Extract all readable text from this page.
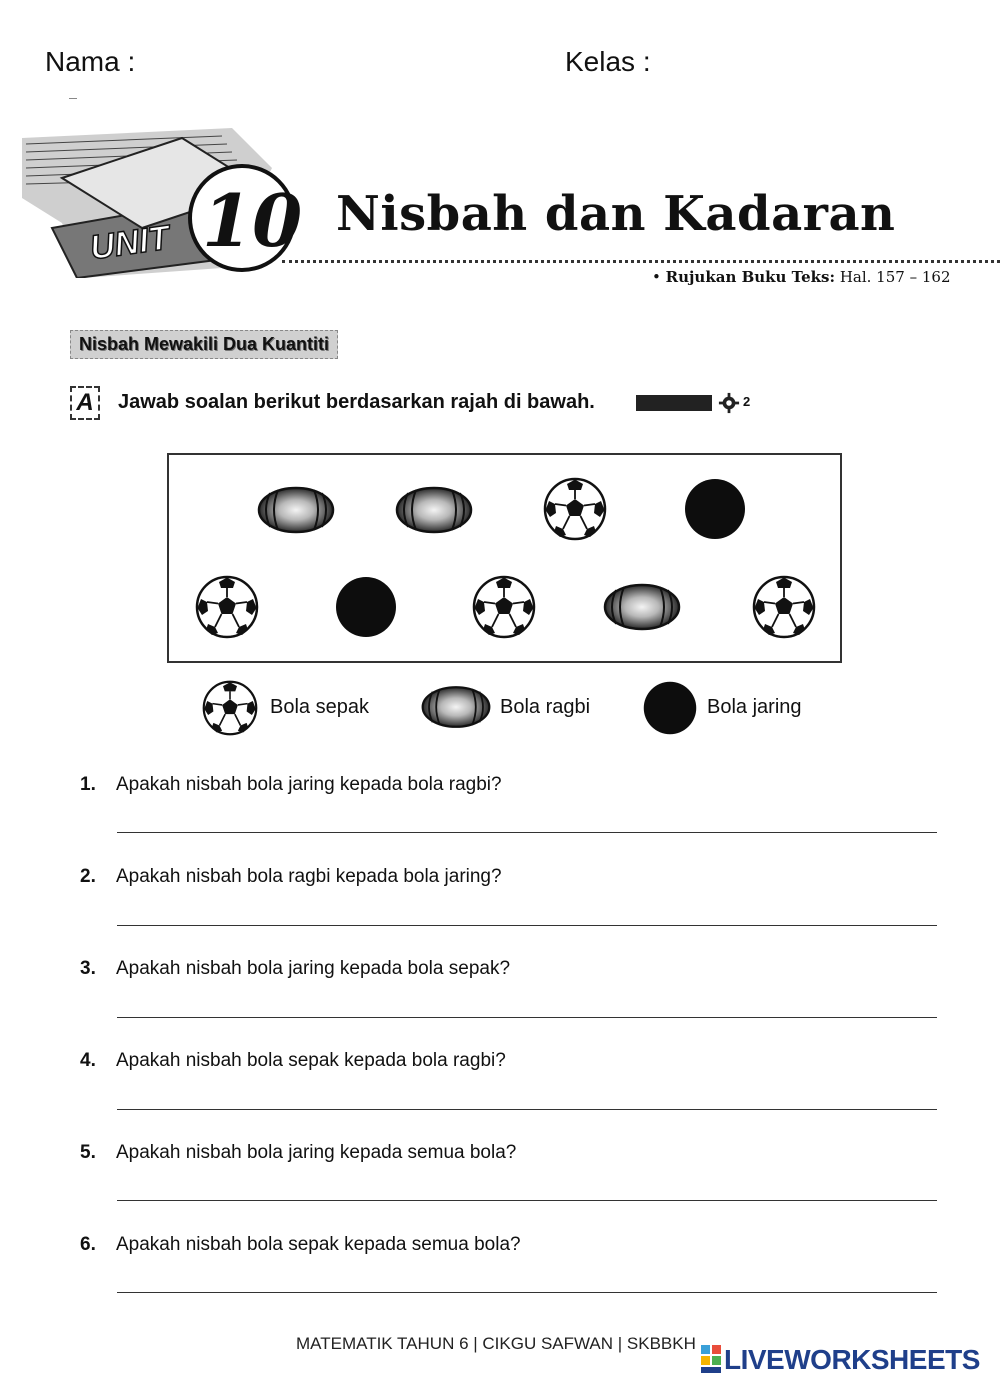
Nama :	Kelas :
UNIT 10 Nisbah dan Kadaran
• Rujukan Buku Teks: Hal. 157 – 162
Nisbah Mewakili Dua Kuantiti
A	Jawab soalan berikut berdasarkan rajah di bawah.	2
Bola sepak	Bola ragbi	Bola jaring
1. Apakah nisbah bola jaring kepada bola ragbi?
2. Apakah nisbah bola ragbi kepada bola jaring?
3. Apakah nisbah bola jaring kepada bola sepak?
4. Apakah nisbah bola sepak kepada bola ragbi?
5. Apakah nisbah bola jaring kepada semua bola?
6. Apakah nisbah bola sepak kepada semua bola?
MATEMATIK TAHUN 6 | CIKGU SAFWAN | SKBBKH
LIVEWORKSHEETS
